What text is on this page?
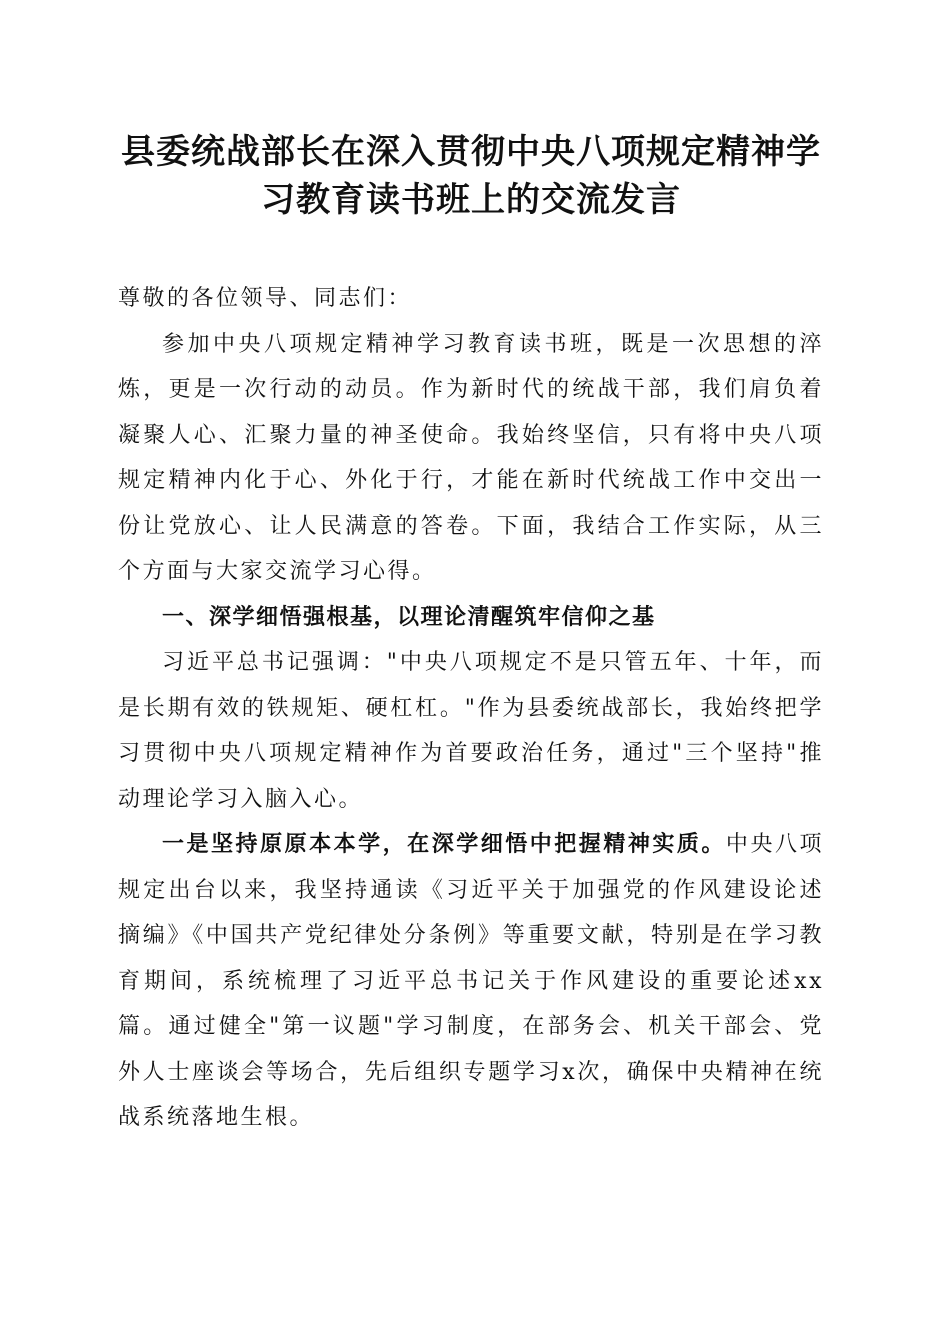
县委统战部长在深入贯彻中央八项规定精神学
习教育读书班上的交流发言

尊敬的各位领导、同志们：

参加中央八项规定精神学习教育读书班，既是一次思想的淬炼，更是一次行动的动员。作为新时代的统战干部，我们肩负着凝聚人心、汇聚力量的神圣使命。我始终坚信，只有将中央八项规定精神内化于心、外化于行，才能在新时代统战工作中交出一份让党放心、让人民满意的答卷。下面，我结合工作实际，从三个方面与大家交流学习心得。

一、深学细悟强根基，以理论清醒筑牢信仰之基

习近平总书记强调："中央八项规定不是只管五年、十年，而是长期有效的铁规矩、硬杠杠。"作为县委统战部长，我始终把学习贯彻中央八项规定精神作为首要政治任务，通过"三个坚持"推动理论学习入脑入心。

一是坚持原原本本学，在深学细悟中把握精神实质。中央八项规定出台以来，我坚持通读《习近平关于加强党的作风建设论述摘编》《中国共产党纪律处分条例》等重要文献，特别是在学习教育期间，系统梳理了习近平总书记关于作风建设的重要论述xx篇。通过健全"第一议题"学习制度，在部务会、机关干部会、党外人士座谈会等场合，先后组织专题学习x次，确保中央精神在统战系统落地生根。
